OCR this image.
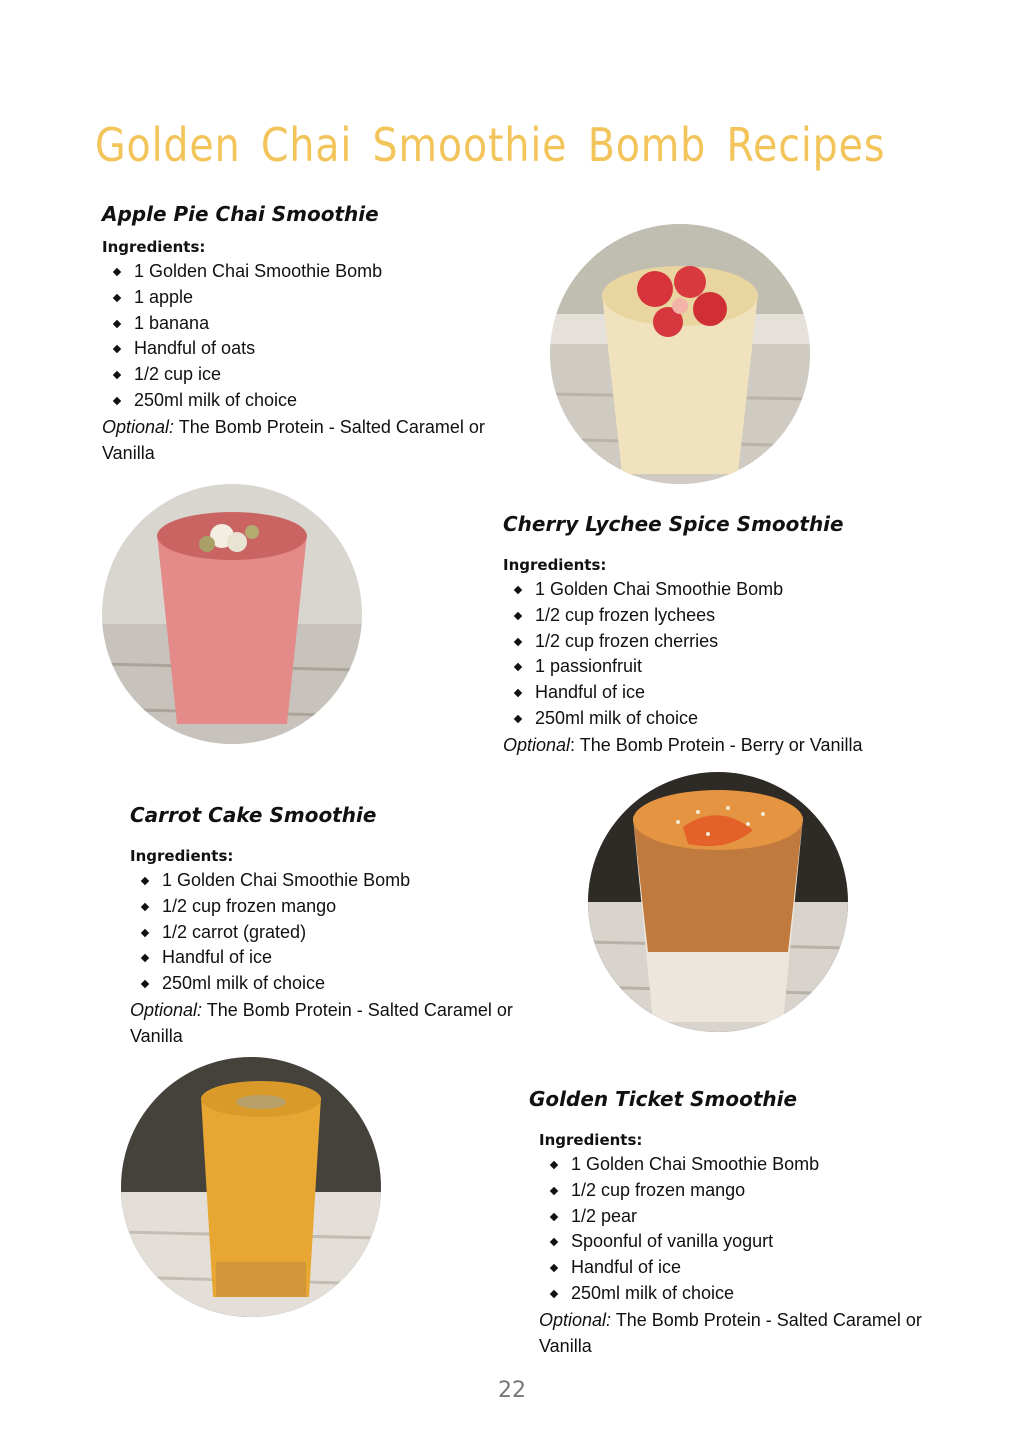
Golden Chai Smoothie Bomb Recipes
Apple Pie Chai Smoothie

Ingredients:

1 Golden Chai Smoothie Bomb
1 apple
1 banana
Handful of oats
1/2 cup ice
250ml milk of choice

Optional: The Bomb Protein - Salted Caramel or Vanilla

Cherry Lychee Spice Smoothie

Ingredients:

1 Golden Chai Smoothie Bomb
1/2 cup frozen lychees
1/2 cup frozen cherries
1 passionfruit
Handful of ice
250ml milk of choice

Optional: The Bomb Protein - Berry or Vanilla

Carrot Cake Smoothie

Ingredients:

1 Golden Chai Smoothie Bomb
1/2 cup frozen mango
1/2 carrot (grated)
Handful of ice
250ml milk of choice

Optional: The Bomb Protein - Salted Caramel or Vanilla

Golden Ticket Smoothie

Ingredients:

1 Golden Chai Smoothie Bomb
1/2 cup frozen mango
1/2 pear
Spoonful of vanilla yogurt
Handful of ice
250ml milk of choice

Optional: The Bomb Protein - Salted Caramel or Vanilla

22
